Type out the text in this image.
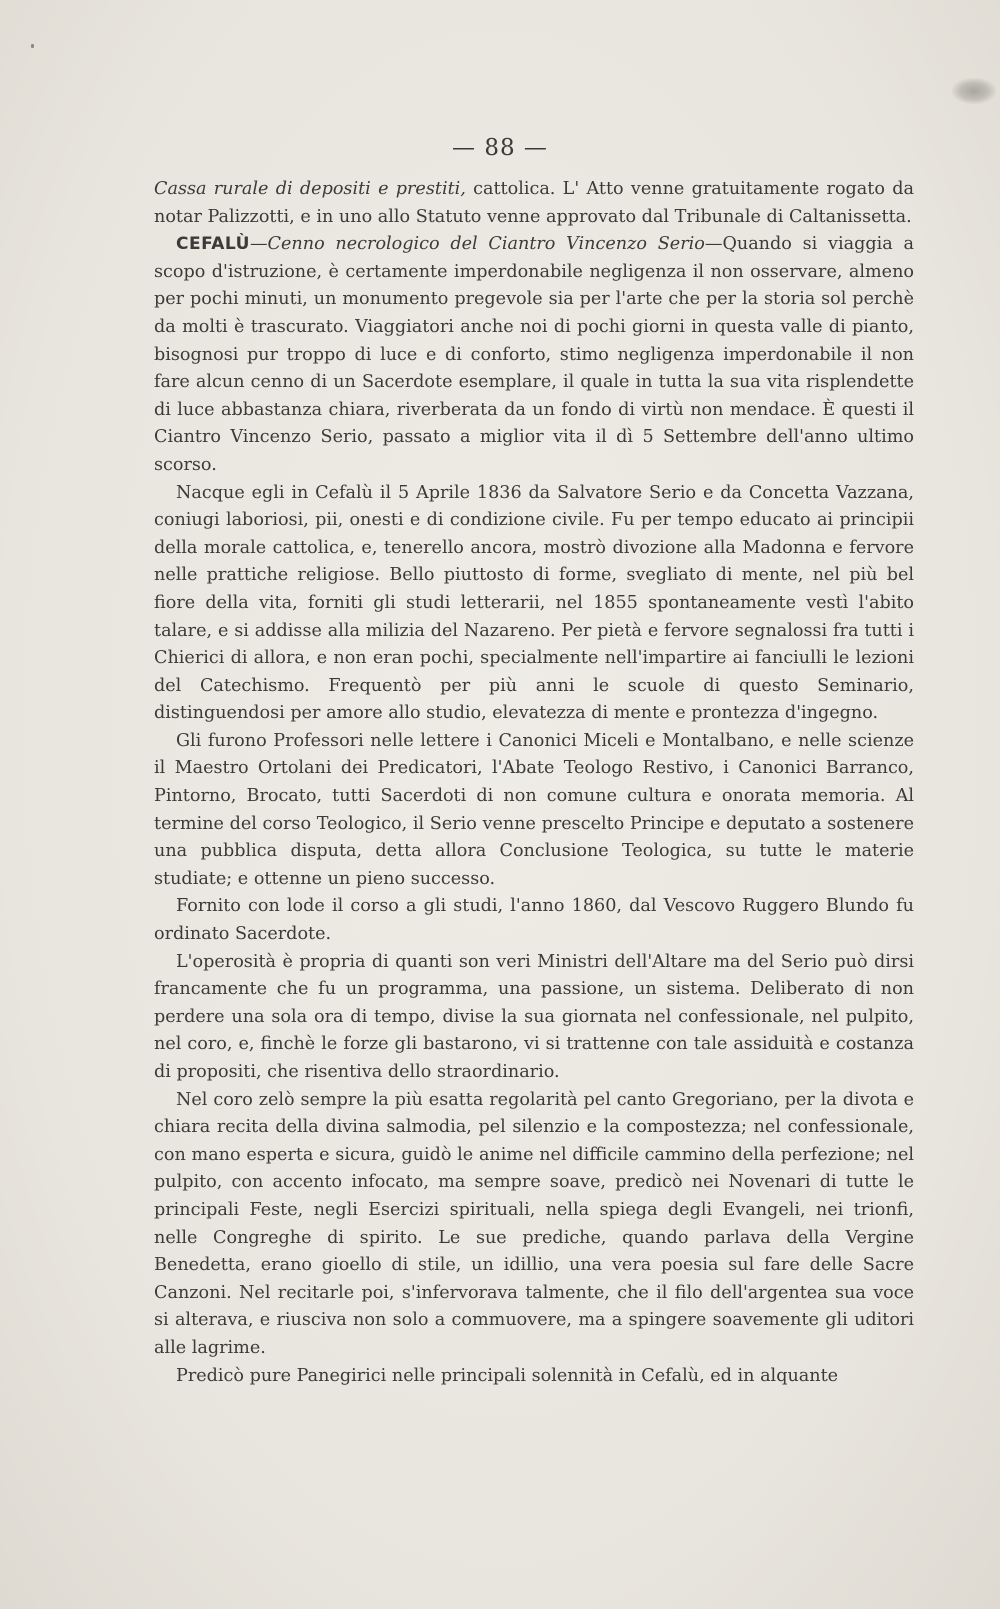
— 88 —

Cassa rurale di depositi e prestiti, cattolica. L' Atto venne gratuitamente rogato da notar Palizzotti, e in uno allo Statuto venne approvato dal Tribunale di Caltanissetta.

CEFALÙ—Cenno necrologico del Ciantro Vincenzo Serio—Quando si viaggia a scopo d'istruzione, è certamente imperdonabile negligenza il non osservare, almeno per pochi minuti, un monumento pregevole sia per l'arte che per la storia sol perchè da molti è trascurato. Viaggiatori anche noi di pochi giorni in questa valle di pianto, bisognosi pur troppo di luce e di conforto, stimo negligenza imperdonabile il non fare alcun cenno di un Sacerdote esemplare, il quale in tutta la sua vita risplendette di luce abbastanza chiara, riverberata da un fondo di virtù non mendace. È questi il Ciantro Vincenzo Serio, passato a miglior vita il dì 5 Settembre dell'anno ultimo scorso.

Nacque egli in Cefalù il 5 Aprile 1836 da Salvatore Serio e da Concetta Vazzana, coniugi laboriosi, pii, onesti e di condizione civile. Fu per tempo educato ai principii della morale cattolica, e, tenerello ancora, mostrò divozione alla Madonna e fervore nelle prattiche religiose. Bello piuttosto di forme, svegliato di mente, nel più bel fiore della vita, forniti gli studi letterarii, nel 1855 spontaneamente vestì l'abito talare, e si addisse alla milizia del Nazareno. Per pietà e fervore segnalossi fra tutti i Chierici di allora, e non eran pochi, specialmente nell'impartire ai fanciulli le lezioni del Catechismo. Frequentò per più anni le scuole di questo Seminario, distinguendosi per amore allo studio, elevatezza di mente e prontezza d'ingegno.

Gli furono Professori nelle lettere i Canonici Miceli e Montalbano, e nelle scienze il Maestro Ortolani dei Predicatori, l'Abate Teologo Restivo, i Canonici Barranco, Pintorno, Brocato, tutti Sacerdoti di non comune cultura e onorata memoria. Al termine del corso Teologico, il Serio venne prescelto Principe e deputato a sostenere una pubblica disputa, detta allora Conclusione Teologica, su tutte le materie studiate; e ottenne un pieno successo.

Fornito con lode il corso a gli studi, l'anno 1860, dal Vescovo Ruggero Blundo fu ordinato Sacerdote.

L'operosità è propria di quanti son veri Ministri dell'Altare ma del Serio può dirsi francamente che fu un programma, una passione, un sistema. Deliberato di non perdere una sola ora di tempo, divise la sua giornata nel confessionale, nel pulpito, nel coro, e, finchè le forze gli bastarono, vi si trattenne con tale assiduità e costanza di propositi, che risentiva dello straordinario.

Nel coro zelò sempre la più esatta regolarità pel canto Gregoriano, per la divota e chiara recita della divina salmodia, pel silenzio e la compostezza; nel confessionale, con mano esperta e sicura, guidò le anime nel difficile cammino della perfezione; nel pulpito, con accento infocato, ma sempre soave, predicò nei Novenari di tutte le principali Feste, negli Esercizi spirituali, nella spiega degli Evangeli, nei trionfi, nelle Congreghe di spirito. Le sue prediche, quando parlava della Vergine Benedetta, erano gioello di stile, un idillio, una vera poesia sul fare delle Sacre Canzoni. Nel recitarle poi, s'infervorava talmente, che il filo dell'argentea sua voce si alterava, e riusciva non solo a commuovere, ma a spingere soavemente gli uditori alle lagrime.

Predicò pure Panegirici nelle principali solennità in Cefalù, ed in alquante
